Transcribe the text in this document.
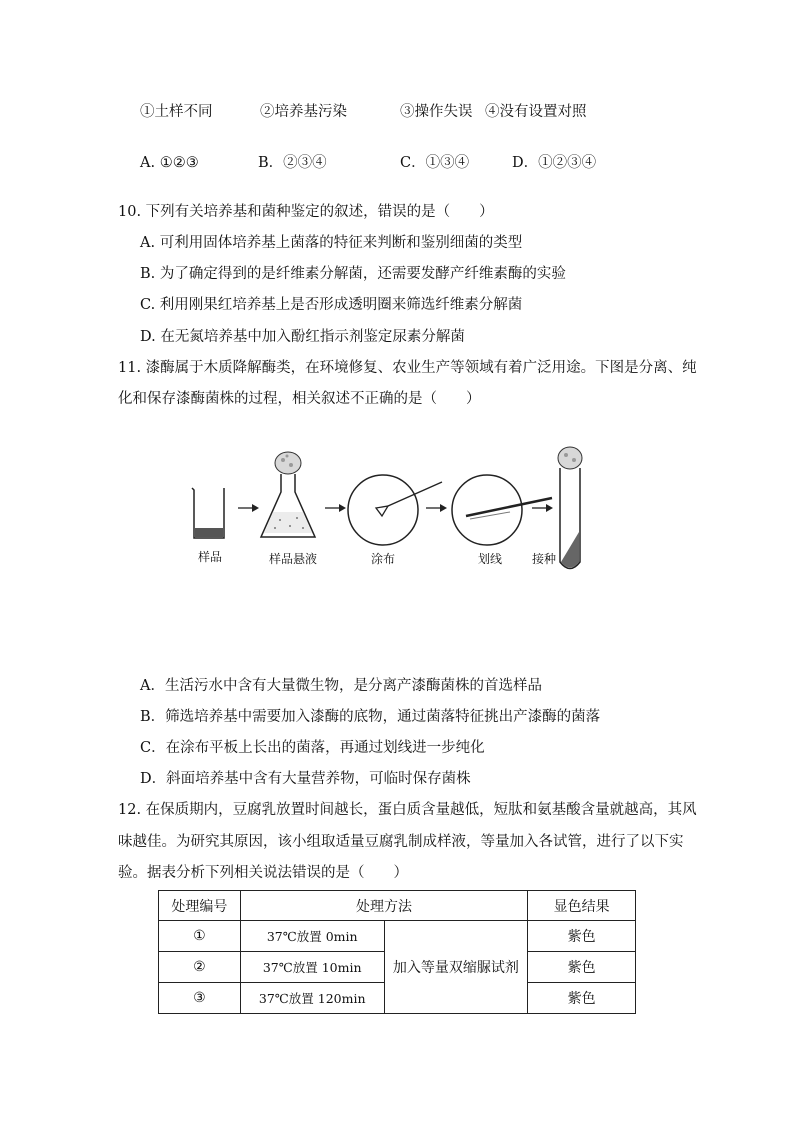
①土样不同	②培养基污染	③操作失误 ④没有设置对照
A. ①②③	B．②③④	C．①③④	D．①②③④
10. 下列有关培养基和菌种鉴定的叙述，错误的是（　　）
A. 可利用固体培养基上菌落的特征来判断和鉴别细菌的类型
B. 为了确定得到的是纤维素分解菌，还需要发酵产纤维素酶的实验
C. 利用刚果红培养基上是否形成透明圈来筛选纤维素分解菌
D. 在无氮培养基中加入酚红指示剂鉴定尿素分解菌
11. 漆酶属于木质降解酶类，在环境修复、农业生产等领域有着广泛用途。下图是分离、纯
化和保存漆酶菌株的过程，相关叙述不正确的是（　　）
样品	样品悬液	涂布	划线 接种
A．生活污水中含有大量微生物，是分离产漆酶菌株的首选样品
B．筛选培养基中需要加入漆酶的底物，通过菌落特征挑出产漆酶的菌落
C．在涂布平板上长出的菌落，再通过划线进一步纯化
D．斜面培养基中含有大量营养物，可临时保存菌株
12. 在保质期内，豆腐乳放置时间越长，蛋白质含量越低，短肽和氨基酸含量就越高，其风
味越佳。为研究其原因，该小组取适量豆腐乳制成样液，等量加入各试管，进行了以下实
验。据表分析下列相关说法错误的是（　　）
处理编号	处理方法		显色结果
①	37℃放置 0min	加入等量双缩脲试剂	紫色
②	37℃放置 10min		紫色
③	37℃放置 120min		紫色
